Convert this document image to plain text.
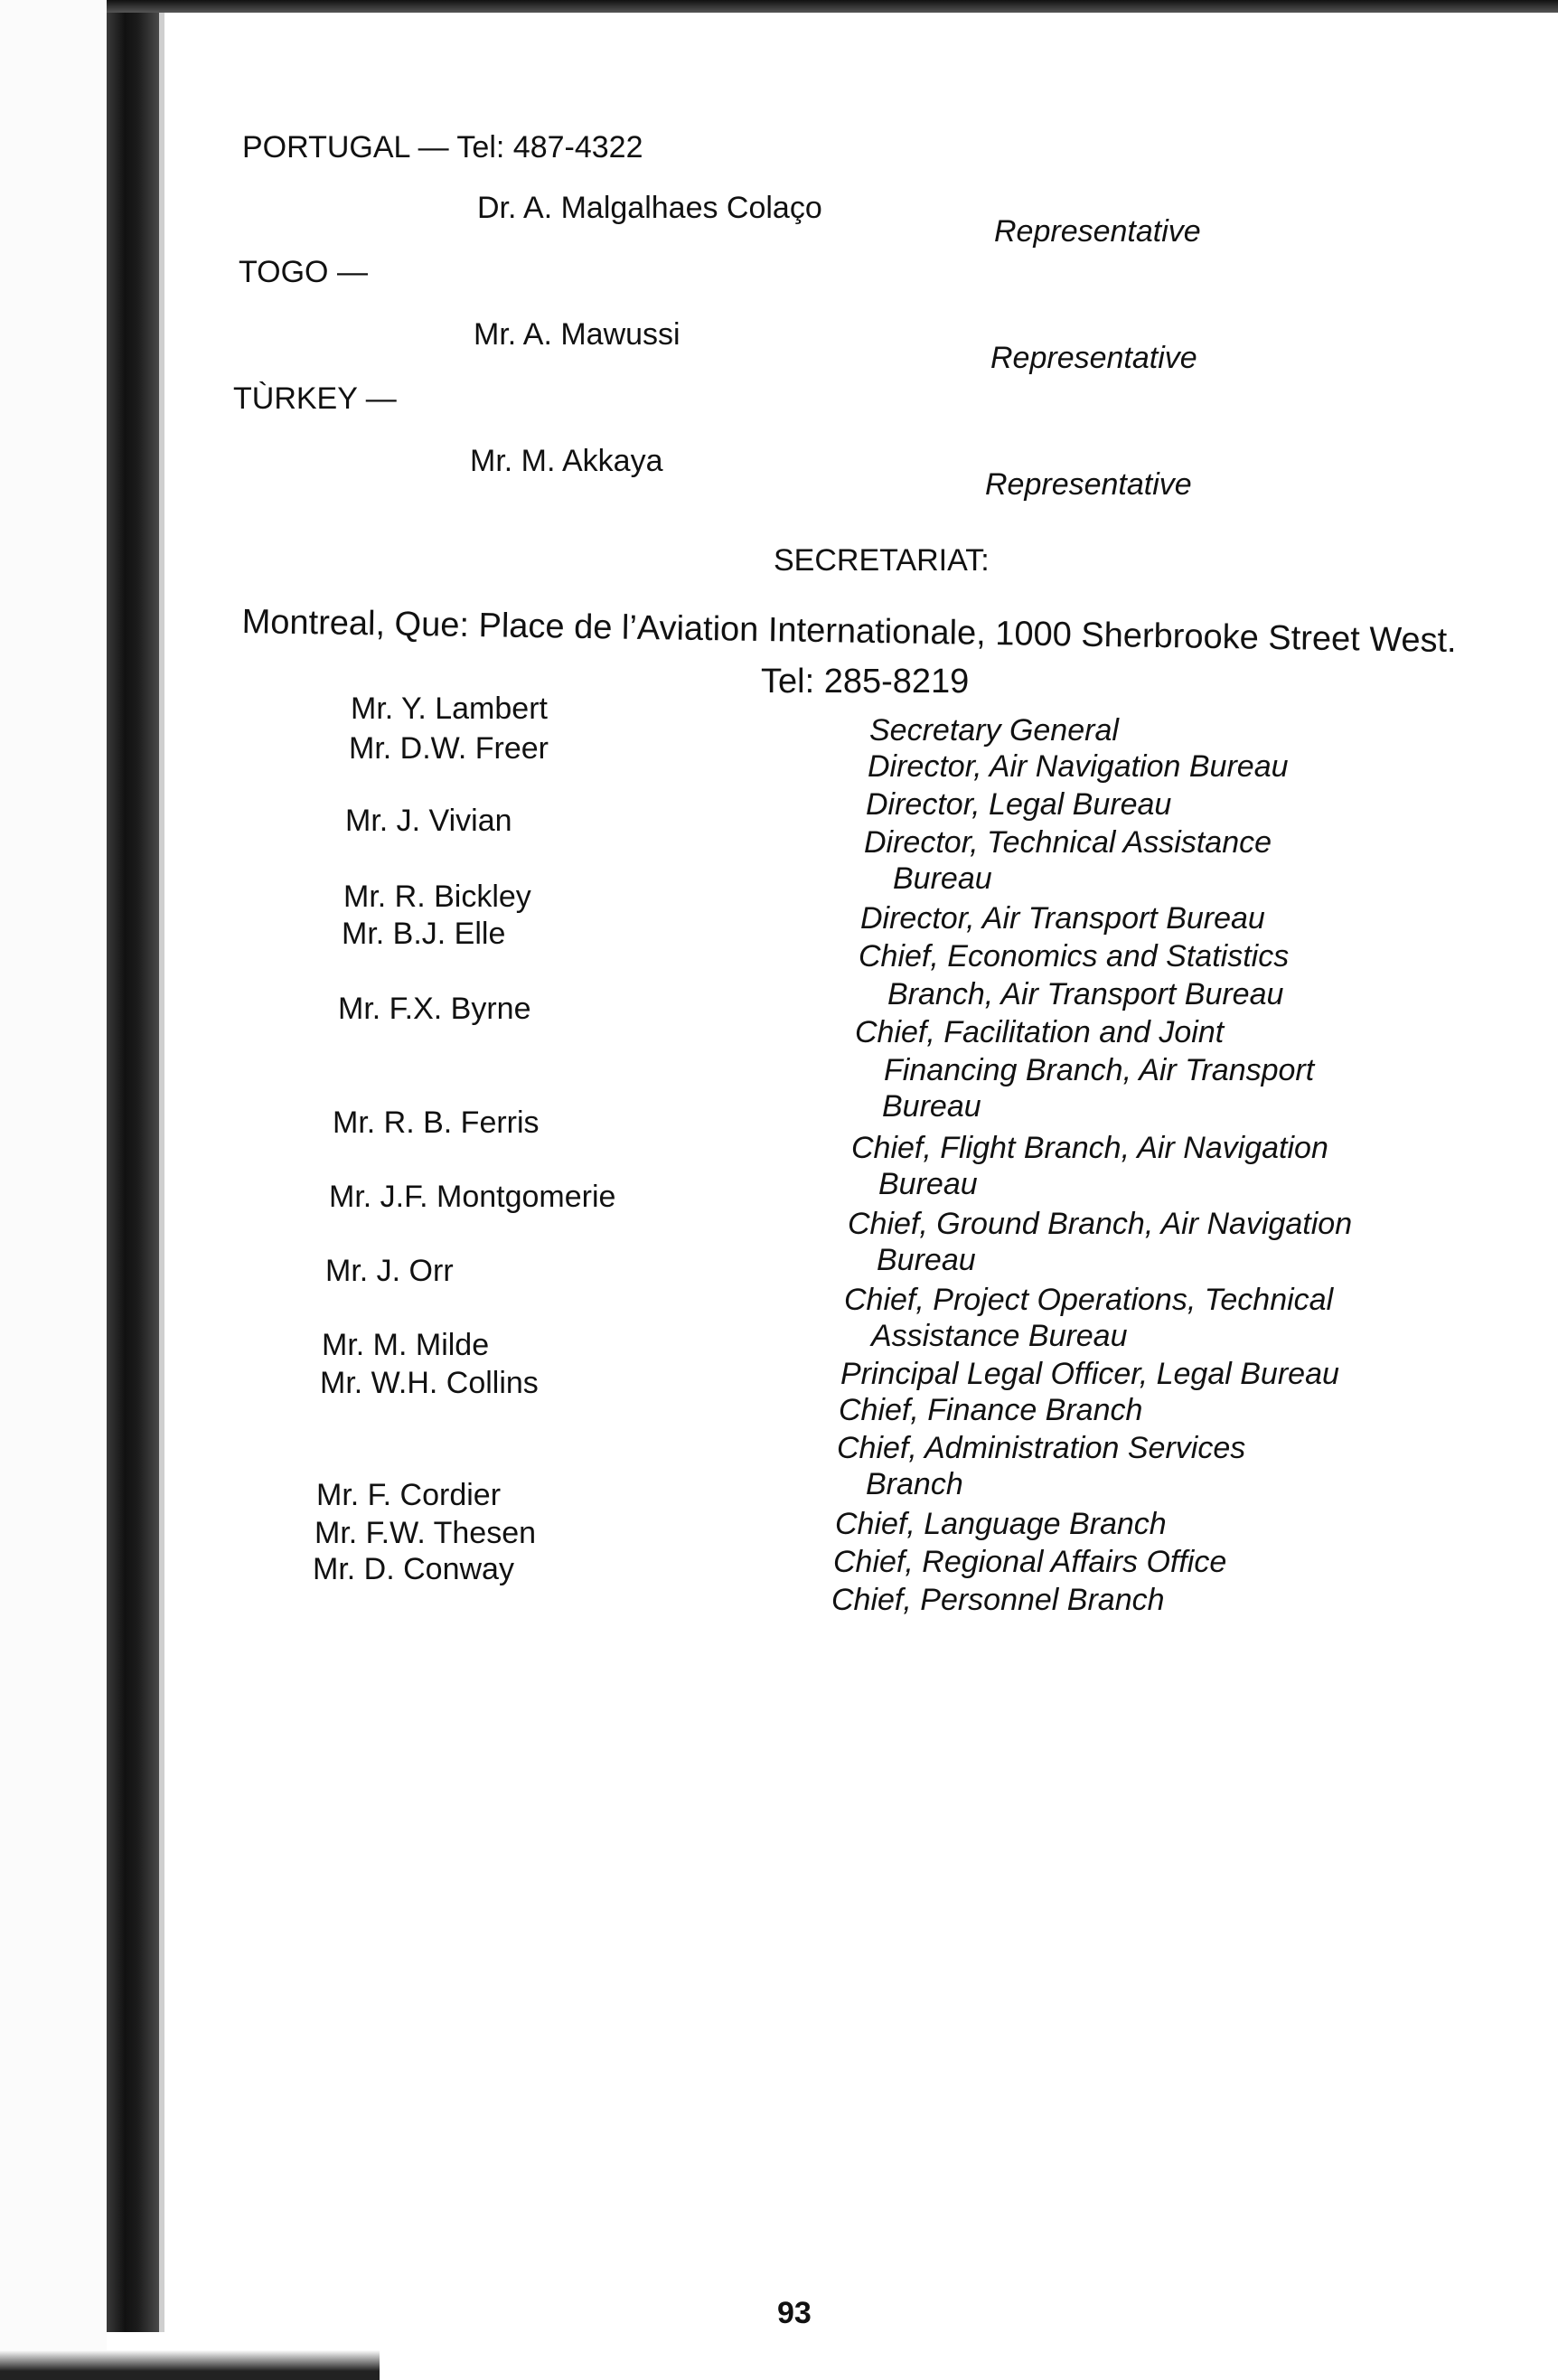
PORTUGAL — Tel: 487-4322
Dr. A. Malgalhaes Colaço
Representative
TOGO —
Mr. A. Mawussi
Representative
TÙRKEY —
Mr. M. Akkaya
Representative
SECRETARIAT:
Montreal, Que: Place de l’Aviation Internationale, 1000 Sherbrooke Street West.
Tel: 285-8219
Mr. Y. Lambert
Mr. D.W. Freer
Mr. J. Vivian
Mr. R. Bickley
Mr. B.J. Elle
Mr. F.X. Byrne
Mr. R. B. Ferris
Mr. J.F. Montgomerie
Mr. J. Orr
Mr. M. Milde
Mr. W.H. Collins
Mr. F. Cordier
Mr. F.W. Thesen
Mr. D. Conway
Secretary General
Director, Air Navigation Bureau
Director, Legal Bureau
Director, Technical Assistance
Bureau
Director, Air Transport Bureau
Chief, Economics and Statistics
Branch, Air Transport Bureau
Chief, Facilitation and Joint
Financing Branch, Air Transport
Bureau
Chief, Flight Branch, Air Navigation
Bureau
Chief, Ground Branch, Air Navigation
Bureau
Chief, Project Operations, Technical
Assistance Bureau
Principal Legal Officer, Legal Bureau
Chief, Finance Branch
Chief, Administration Services
Branch
Chief, Language Branch
Chief, Regional Affairs Office
Chief, Personnel Branch
93
